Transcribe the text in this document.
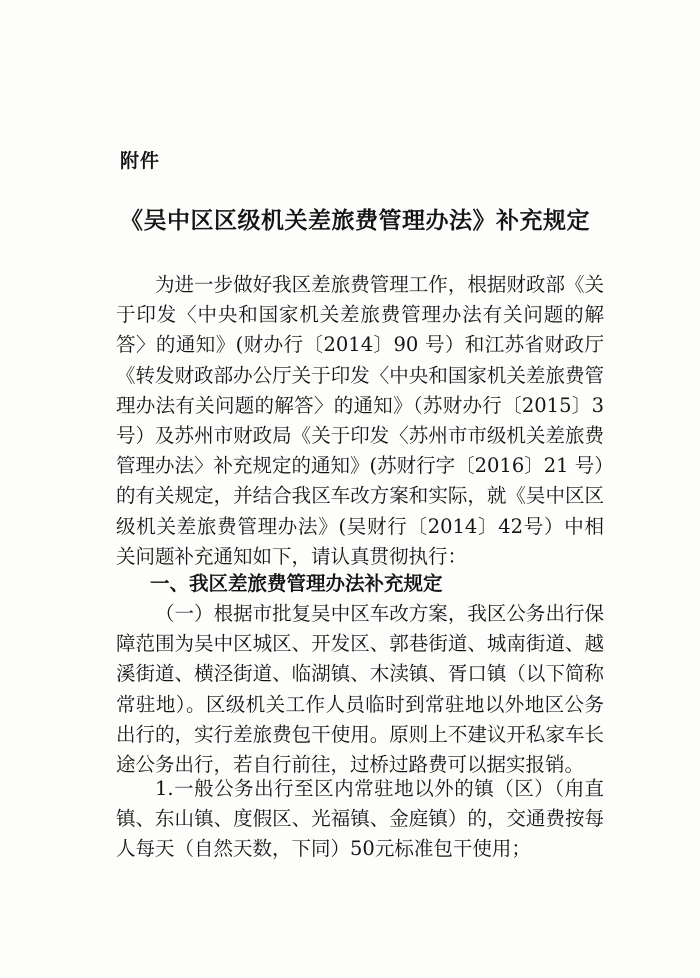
附件
《吴中区区级机关差旅费管理办法》补充规定
为进一步做好我区差旅费管理工作，根据财政部《关于印发〈中央和国家机关差旅费管理办法有关问题的解答〉的通知》(财办行〔2014〕90 号）和江苏省财政厅《转发财政部办公厅关于印发〈中央和国家机关差旅费管理办法有关问题的解答〉的通知》（苏财办行〔2015〕3号）及苏州市财政局《关于印发〈苏州市市级机关差旅费管理办法〉补充规定的通知》(苏财行字〔2016〕21 号）的有关规定，并结合我区车改方案和实际，就《吴中区区级机关差旅费管理办法》(吴财行〔2014〕42号）中相关问题补充通知如下，请认真贯彻执行：
一、我区差旅费管理办法补充规定
（一）根据市批复吴中区车改方案，我区公务出行保障范围为吴中区城区、开发区、郭巷街道、城南街道、越溪街道、横泾街道、临湖镇、木渎镇、胥口镇（以下简称常驻地）。区级机关工作人员临时到常驻地以外地区公务出行的，实行差旅费包干使用。原则上不建议开私家车长途公务出行，若自行前往，过桥过路费可以据实报销。
1.一般公务出行至区内常驻地以外的镇（区）（甪直镇、东山镇、度假区、光福镇、金庭镇）的，交通费按每人每天（自然天数，下同）50元标准包干使用；
